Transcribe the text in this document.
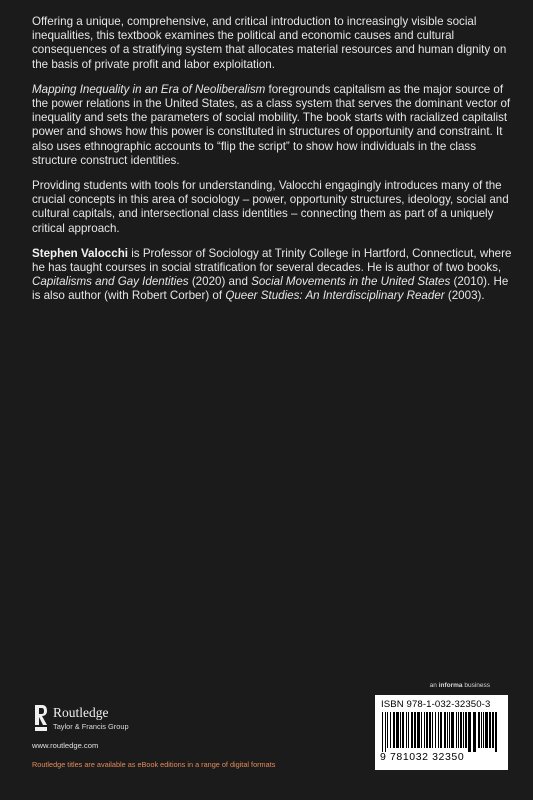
Offering a unique, comprehensive, and critical introduction to increasingly visible social inequalities, this textbook examines the political and economic causes and cultural consequences of a stratifying system that allocates material resources and human dignity on the basis of private profit and labor exploitation.

Mapping Inequality in an Era of Neoliberalism foregrounds capitalism as the major source of the power relations in the United States, as a class system that serves the dominant vector of inequality and sets the parameters of social mobility. The book starts with racialized capitalist power and shows how this power is constituted in structures of opportunity and constraint. It also uses ethnographic accounts to “flip the script” to show how individuals in the class structure construct identities.

Providing students with tools for understanding, Valocchi engagingly introduces many of the crucial concepts in this area of sociology – power, opportunity structures, ideology, social and cultural capitals, and intersectional class identities – connecting them as part of a uniquely critical approach.

Stephen Valocchi is Professor of Sociology at Trinity College in Hartford, Connecticut, where he has taught courses in social stratification for several decades. He is author of two books, Capitalisms and Gay Identities (2020) and Social Movements in the United States (2010). He is also author (with Robert Corber) of Queer Studies: An Interdisciplinary Reader (2003).

an informa business
ISBN 978-1-032-32350-3
9 781032 32350
Routledge
Taylor & Francis Group
www.routledge.com
Routledge titles are available as eBook editions in a range of digital formats
